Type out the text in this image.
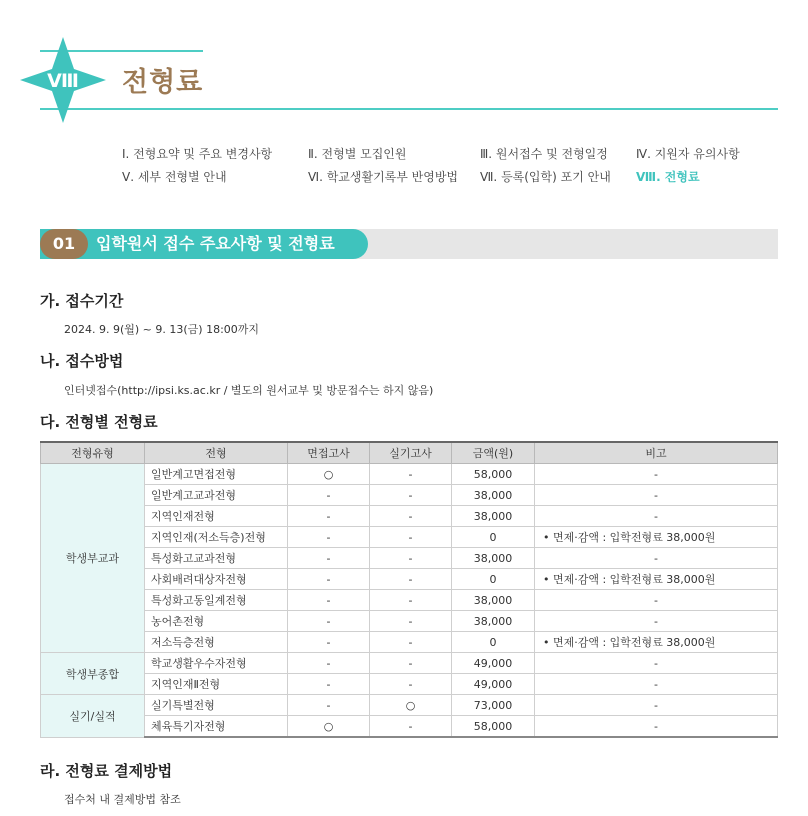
Ⅷ 전형료
Ⅰ. 전형요약 및 주요 변경사항	Ⅱ. 전형별 모집인원	Ⅲ. 원서접수 및 전형일정 Ⅳ. 지원자 유의사항
Ⅴ. 세부 전형별 안내	Ⅵ. 학교생활기록부 반영방법 Ⅶ. 등록(입학) 포기 안내 Ⅷ. 전형료
01	입학원서 접수 주요사항 및 전형료
가. 접수기간
2024. 9. 9(월) ~ 9. 13(금) 18:00까지
나. 접수방법
인터넷접수(http://ipsi.ks.ac.kr / 별도의 원서교부 및 방문접수는 하지 않음)
다. 전형별 전형료
전형유형	전형	면접고사	실기고사	금액(원)	비고
학생부교과	일반계고면접전형	○	-	58,000	-
	일반계고교과전형	-	-	38,000	-
	지역인재전형	-	-	38,000	-
	지역인재(저소득층)전형	-	-	0	• 면제·감액 : 입학전형료 38,000원
	특성화고교과전형	-	-	38,000	-
	사회배려대상자전형	-	-	0	• 면제·감액 : 입학전형료 38,000원
	특성화고동일계전형	-	-	38,000	-
	농어촌전형	-	-	38,000	-
	저소득층전형	-	-	0	• 면제·감액 : 입학전형료 38,000원
학생부종합	학교생활우수자전형	-	-	49,000	-
	지역인재Ⅱ전형	-	-	49,000	-
실기/실적	실기특별전형	-	○	73,000	-
	체육특기자전형	○	-	58,000	-
라. 전형료 결제방법
접수처 내 결제방법 참조
